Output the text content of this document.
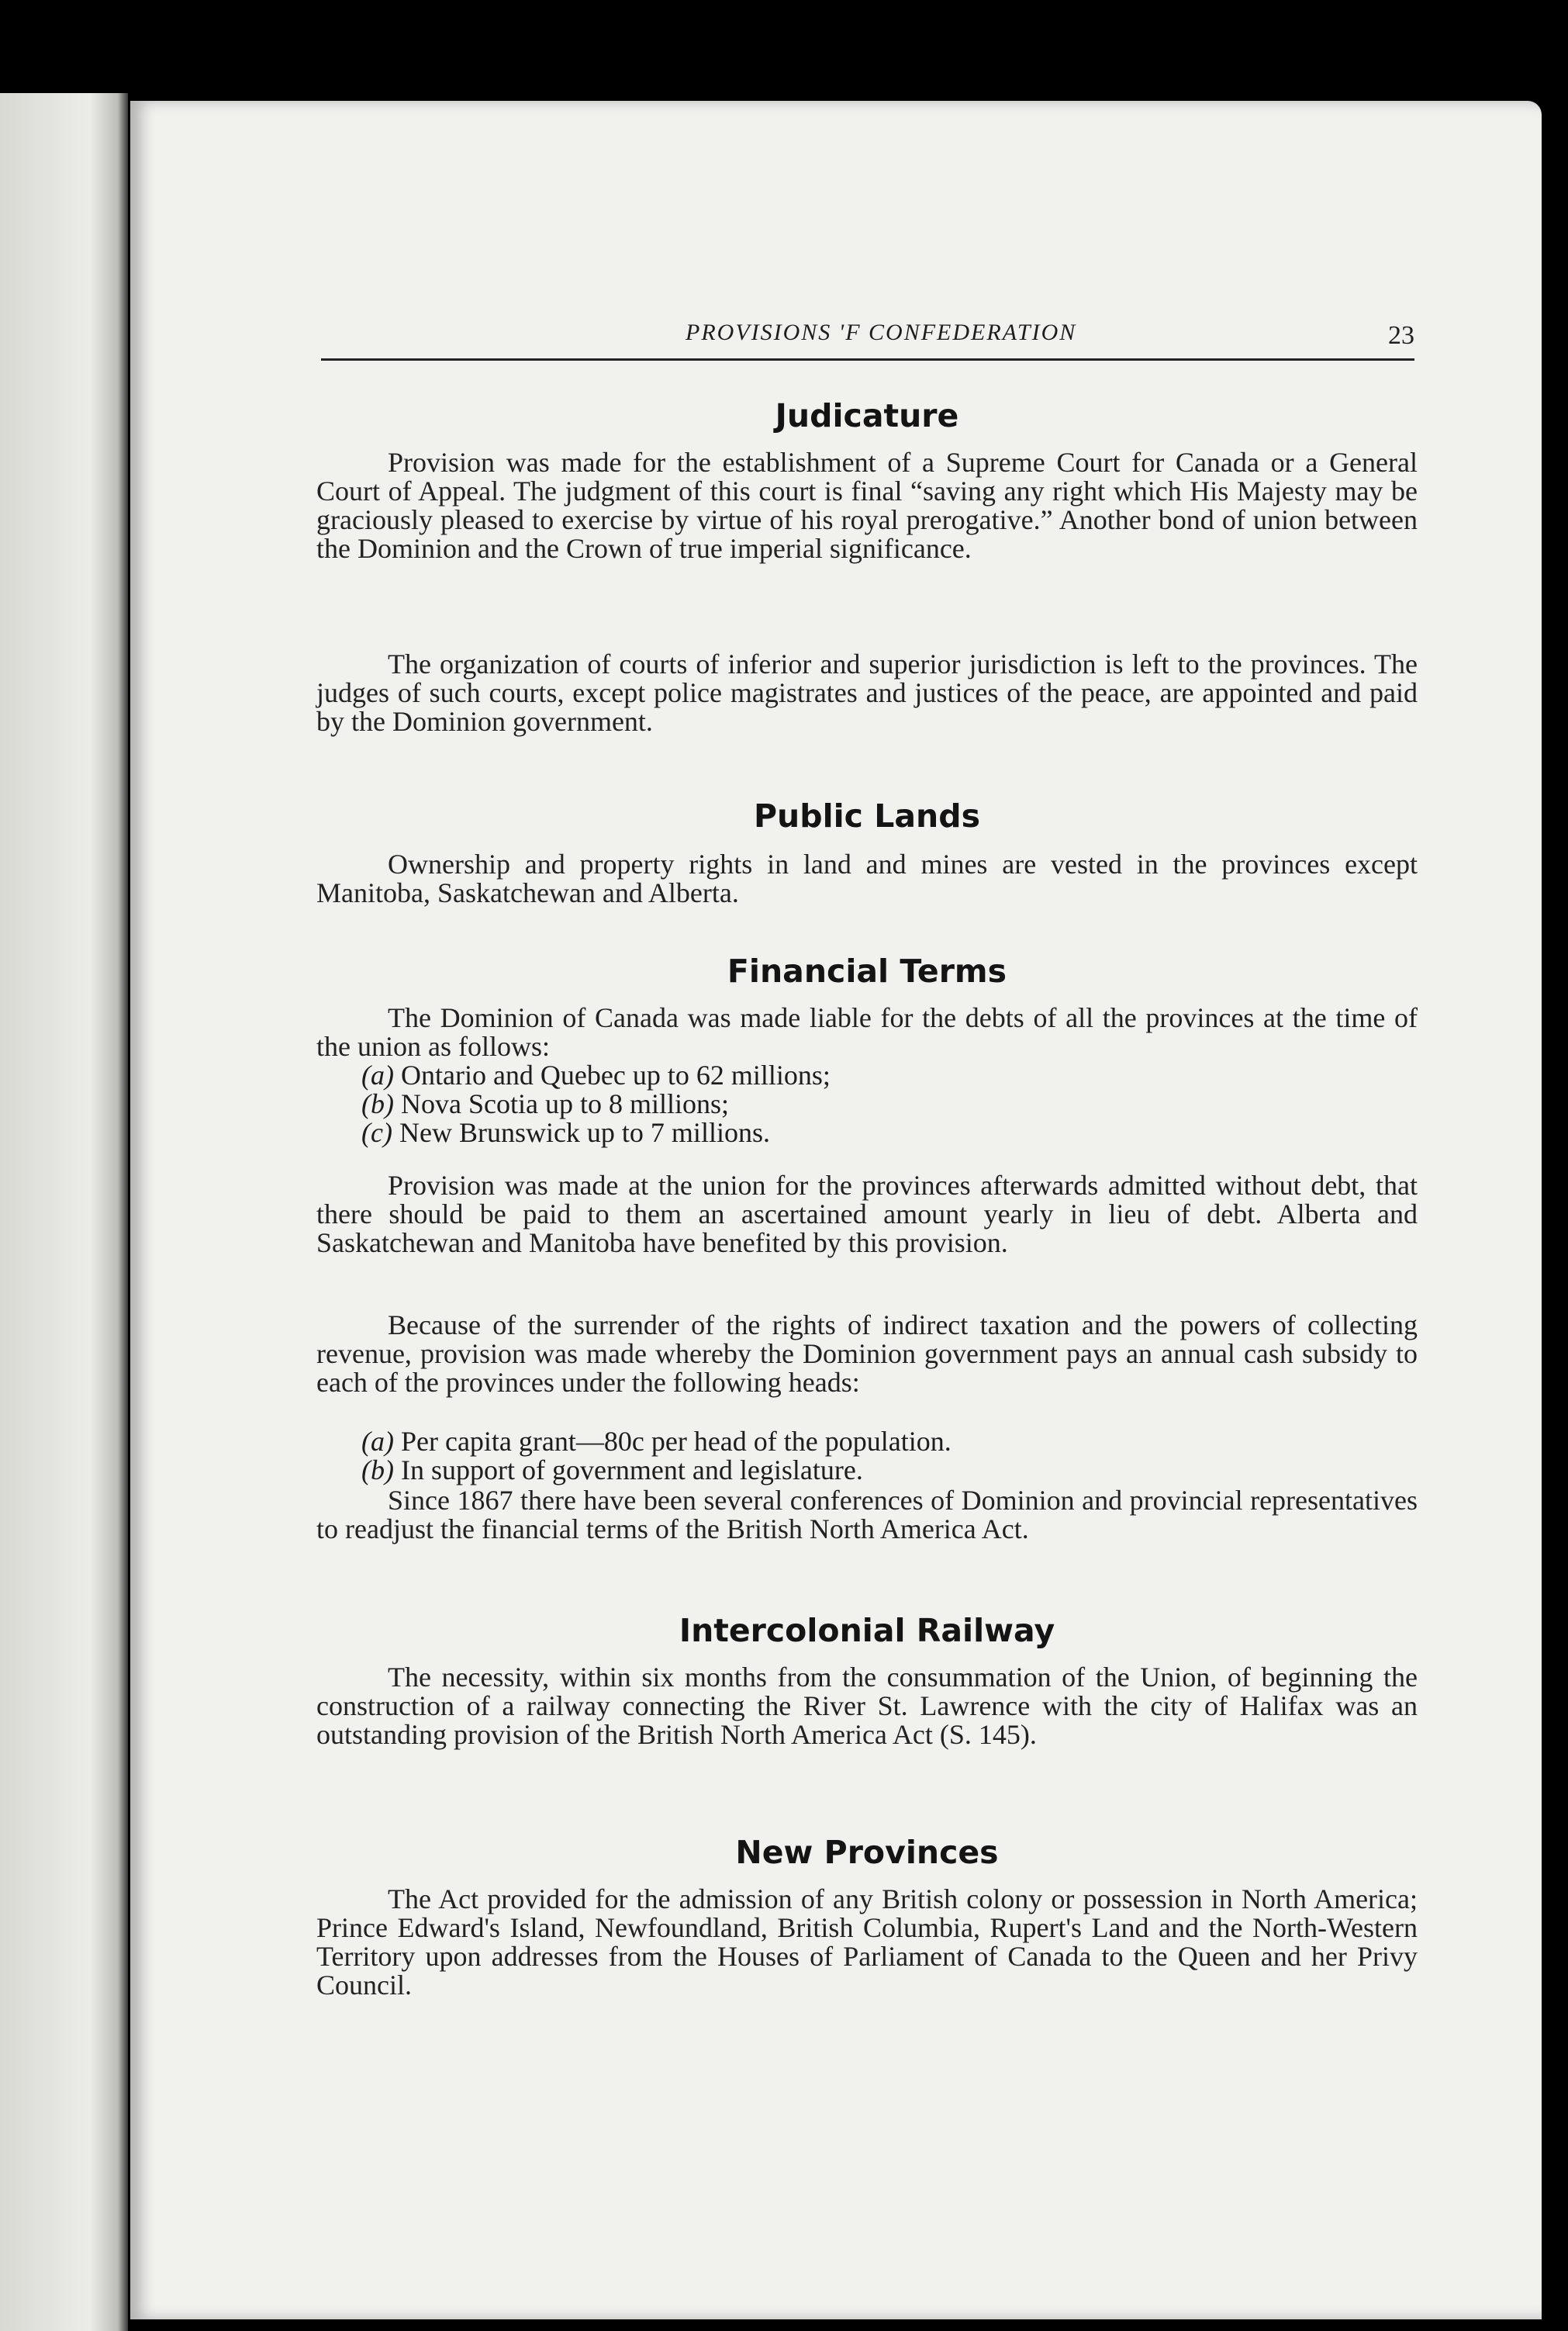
PROVISIONS 'F CONFEDERATION	23
Judicature

Provision was made for the establishment of a Supreme Court for Canada or a General Court of Appeal. The judgment of this court is final “saving any right which His Majesty may be graciously pleased to exercise by virtue of his royal prerogative.” Another bond of union between the Dominion and the Crown of true imperial significance.

The organization of courts of inferior and superior jurisdiction is left to the provinces. The judges of such courts, except police magistrates and justices of the peace, are appointed and paid by the Dominion government.

Public Lands

Ownership and property rights in land and mines are vested in the provinces except Manitoba, Saskatchewan and Alberta.

Financial Terms

The Dominion of Canada was made liable for the debts of all the provinces at the time of the union as follows:

(a) Ontario and Quebec up to 62 millions;

(b) Nova Scotia up to 8 millions;

(c) New Brunswick up to 7 millions.

Provision was made at the union for the provinces afterwards admitted without debt, that there should be paid to them an ascertained amount yearly in lieu of debt. Alberta and Saskatchewan and Manitoba have benefited by this provision.

Because of the surrender of the rights of indirect taxation and the powers of collecting revenue, provision was made whereby the Dominion government pays an annual cash subsidy to each of the provinces under the following heads:

(a) Per capita grant—80c per head of the population.

(b) In support of government and legislature.

Since 1867 there have been several conferences of Dominion and provincial representatives to readjust the financial terms of the British North America Act.

Intercolonial Railway

The necessity, within six months from the consummation of the Union, of beginning the construction of a railway connecting the River St. Lawrence with the city of Halifax was an outstanding provision of the British North America Act (S. 145).

New Provinces

The Act provided for the admission of any British colony or possession in North America; Prince Edward's Island, Newfoundland, British Columbia, Rupert's Land and the North-Western Territory upon addresses from the Houses of Parliament of Canada to the Queen and her Privy Council.
